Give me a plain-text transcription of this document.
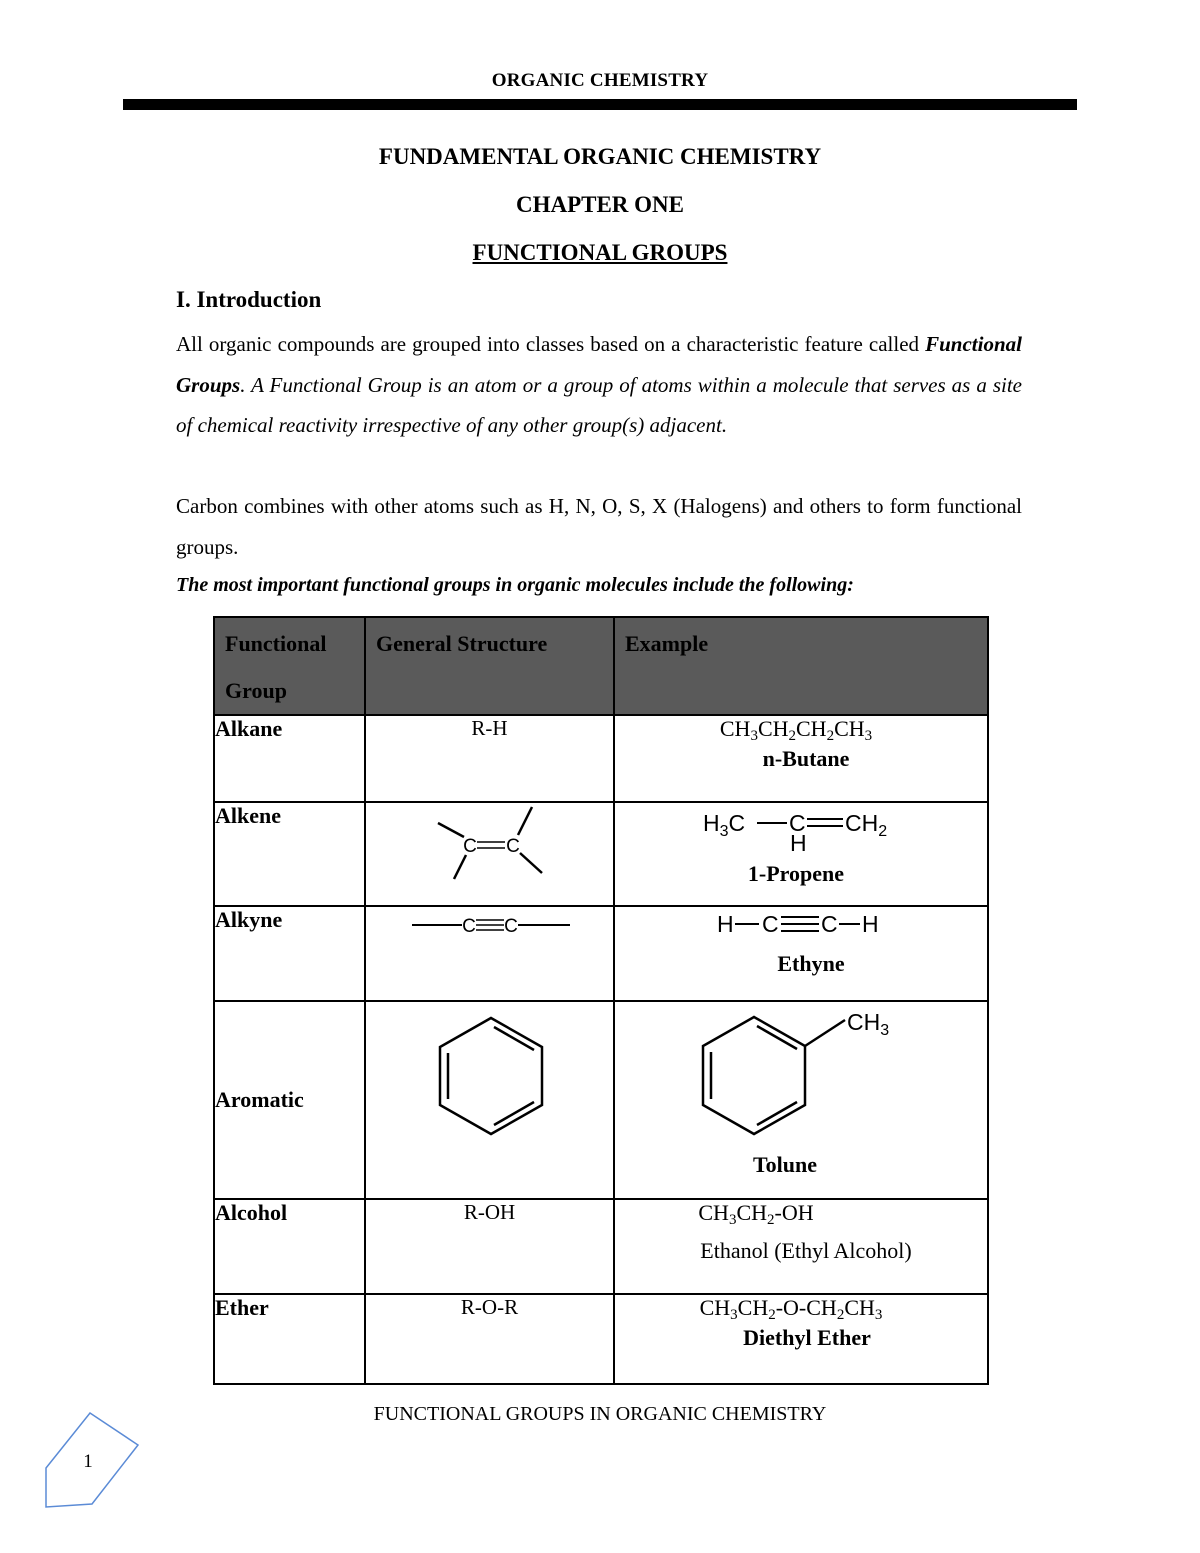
ORGANIC CHEMISTRY
FUNDAMENTAL ORGANIC CHEMISTRY
CHAPTER ONE
FUNCTIONAL GROUPS
I. Introduction
All organic compounds are grouped into classes based on a characteristic feature called Functional Groups. A Functional Group is an atom or a group of atoms within a molecule that serves as a site of chemical reactivity irrespective of any other group(s) adjacent.
Carbon combines with other atoms such as H, N, O, S, X (Halogens) and others to form functional groups.
The most important functional groups in organic molecules include the following:
Functional Group	General Structure	Example
Alkane	R-H	$CH_3CH_2CH_2CH_3$
n-Butane

Alkene	C C	$H_3C$ C $CH_2$
H
1-Propene

Alkyne	C C	H C C H
Ethyne

Aromatic		$CH_3$
Tolune

Alcohol	R-OH	$CH_3CH_2-OH$
Ethanol (Ethyl Alcohol)

Ether	R-O-R	$CH_3CH_2-O-CH_2CH_3$
Diethyl Ether
FUNCTIONAL GROUPS IN ORGANIC CHEMISTRY
1
